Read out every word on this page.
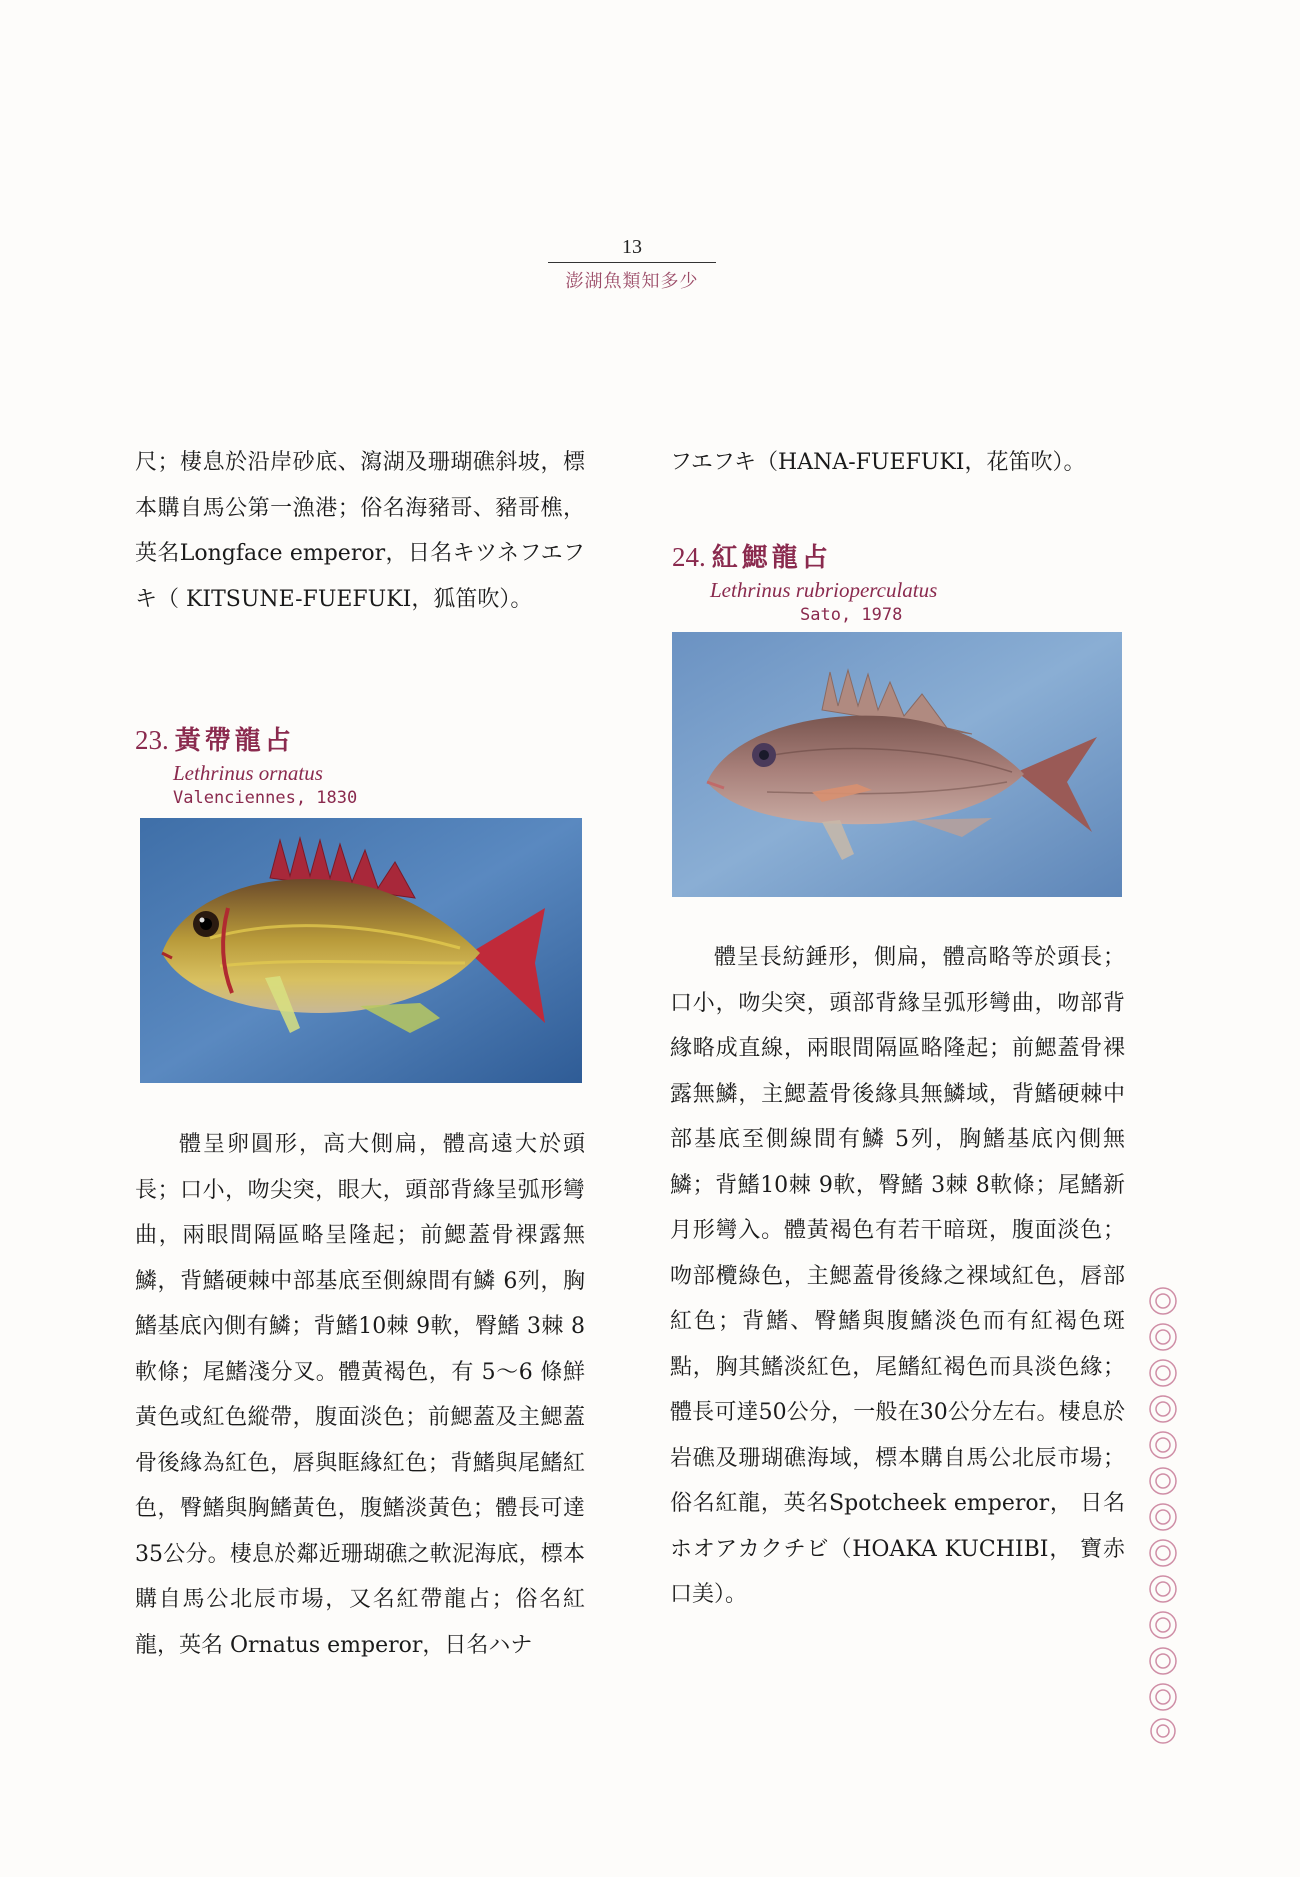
13
澎湖魚類知多少

尺；棲息於沿岸砂底、瀉湖及珊瑚礁斜坡，標本購自馬公第一漁港；俗名海豬哥、豬哥樵，英名Longface emperor，日名キツネフエフキ（ KITSUNE-FUEFUKI，狐笛吹）。

23. 黃帶龍占
Lethrinus ornatus
Valenciennes, 1830

體呈卵圓形，高大側扁，體高遠大於頭長；口小，吻尖突，眼大，頭部背緣呈弧形彎曲，兩眼間隔區略呈隆起；前鰓蓋骨裸露無鱗，背鰭硬棘中部基底至側線間有鱗 6列，胸鰭基底內側有鱗；背鰭10棘 9軟，臀鰭 3棘 8軟條；尾鰭淺分叉。體黃褐色，有 5～6 條鮮黃色或紅色縱帶，腹面淡色；前鰓蓋及主鰓蓋骨後緣為紅色，唇與眶緣紅色；背鰭與尾鰭紅色，臀鰭與胸鰭黃色，腹鰭淡黃色；體長可達35公分。棲息於鄰近珊瑚礁之軟泥海底，標本購自馬公北辰市場，又名紅帶龍占；俗名紅龍，英名 Ornatus emperor，日名ハナ

フエフキ（HANA-FUEFUKI，花笛吹）。

24. 紅鰓龍占
Lethrinus rubrioperculatus
Sato, 1978

體呈長紡錘形，側扁，體高略等於頭長；口小，吻尖突，頭部背緣呈弧形彎曲，吻部背緣略成直線，兩眼間隔區略隆起；前鰓蓋骨裸露無鱗，主鰓蓋骨後緣具無鱗域，背鰭硬棘中部基底至側線間有鱗 5列，胸鰭基底內側無鱗；背鰭10棘 9軟，臀鰭 3棘 8軟條；尾鰭新月形彎入。體黃褐色有若干暗斑，腹面淡色；吻部欖綠色，主鰓蓋骨後緣之裸域紅色，唇部紅色；背鰭、臀鰭與腹鰭淡色而有紅褐色斑點，胸其鰭淡紅色，尾鰭紅褐色而具淡色緣；體長可達50公分，一般在30公分左右。棲息於岩礁及珊瑚礁海域，標本購自馬公北辰市場；俗名紅龍，英名Spotcheek emperor， 日名ホオアカクチビ（HOAKA KUCHIBI， 寶赤口美）。
